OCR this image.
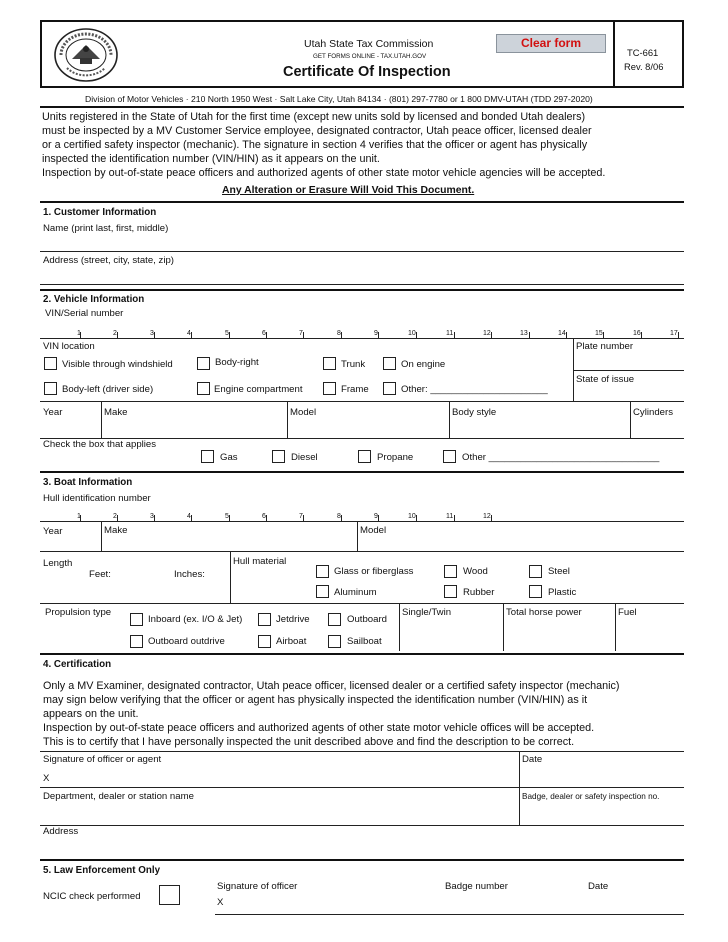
Utah State Tax Commission
GET FORMS ONLINE - TAX.UTAH.GOV
Certificate Of Inspection
Clear form
TC-661
Rev. 8/06
Division of Motor Vehicles · 210 North 1950 West · Salt Lake City, Utah 84134 · (801) 297-7780 or 1 800 DMV-UTAH (TDD 297-2020)
Units registered in the State of Utah for the first time (except new units sold by licensed and bonded Utah dealers)
must be inspected by a MV Customer Service employee, designated contractor, Utah peace officer, licensed dealer
or a certified safety inspector (mechanic). The signature in section 4 verifies that the officer or agent has physically
inspected the identification number (VIN/HIN) as it appears on the unit.
Inspection by out-of-state peace officers and authorized agents of other state motor vehicle agencies will be accepted.
Any Alteration or Erasure Will Void This Document.
1. Customer Information
Name (print last, first, middle)
Address (street, city, state, zip)
2. Vehicle Information
VIN/Serial number
1	2	3	4	5	6	7	8	9	10	11	12	13	14	15	16	17
VIN location	Plate number
State of issue
Visible through windshield	Body-right	Trunk	On engine
Body-left (driver side)	Engine compartment	Frame	Other: ______________________
Year	Make	Model	Body style	Cylinders
Check the box that applies
Gas	Diesel	Propane	Other ________________________________
3. Boat Information
Hull identification number
1	2	3	4	5	6	7	8	9	10	11	12
Year	Make	Model
Length
Feet:	Inches:
Hull material
Glass or fiberglass	Wood	Steel
Aluminum	Rubber	Plastic
Propulsion type
Inboard (ex. I/O & Jet)	Jetdrive	Outboard
Outboard outdrive	Airboat	Sailboat
Single/Twin	Total horse power	Fuel
4. Certification
Only a MV Examiner, designated contractor, Utah peace officer, licensed dealer or a certified safety inspector (mechanic)
may sign below verifying that the officer or agent has physically inspected the identification number (VIN/HIN) as it
appears on the unit.
Inspection by out-of-state peace officers and authorized agents of other state motor vehicle offices will be accepted.
This is to certify that I have personally inspected the unit described above and find the description to be correct.
Signature of officer or agent
X
Date
Department, dealer or station name	Badge, dealer or safety inspection no.
Address
5. Law Enforcement Only
NCIC check performed
Signature of officer
X
Badge number	Date
